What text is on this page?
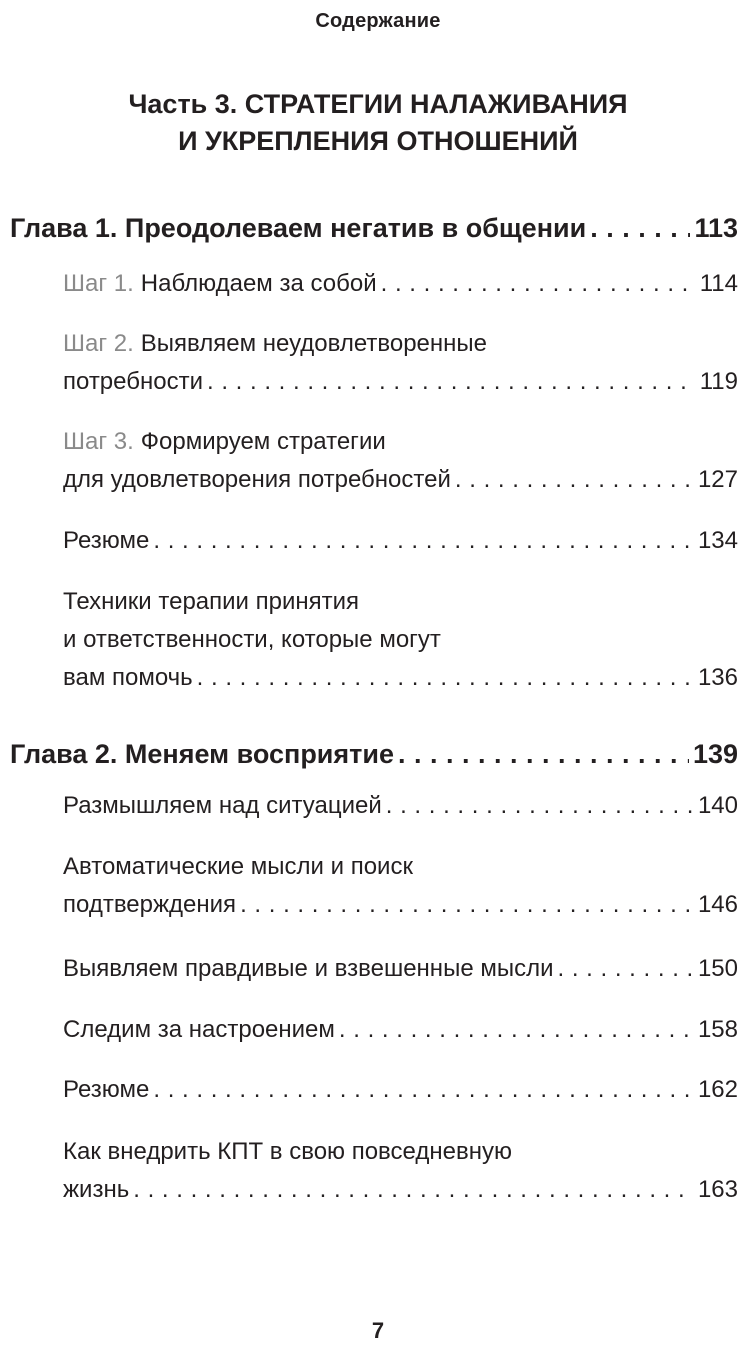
Содержание
Часть 3. СТРАТЕГИИ НАЛАЖИВАНИЯ
И УКРЕПЛЕНИЯ ОТНОШЕНИЙ
Глава 1. Преодолеваем негатив в общении . . .	113
Шаг 1. Наблюдаем за собой . . .	114
Шаг 2. Выявляем неудовлетворенные
потребности . . .	119
Шаг 3. Формируем стратегии
для удовлетворения потребностей . . .	127
Резюме . . .	134
Техники терапии принятия
и ответственности, которые могут
вам помочь . . .	136
Глава 2. Меняем восприятие . . .	139
Размышляем над ситуацией . . .	140
Автоматические мысли и поиск
подтверждения . . .	146
Выявляем правдивые и взвешенные мысли . . .	150
Следим за настроением . . .	158
Резюме . . .	162
Как внедрить КПТ в свою повседневную
жизнь . . .	163
7
